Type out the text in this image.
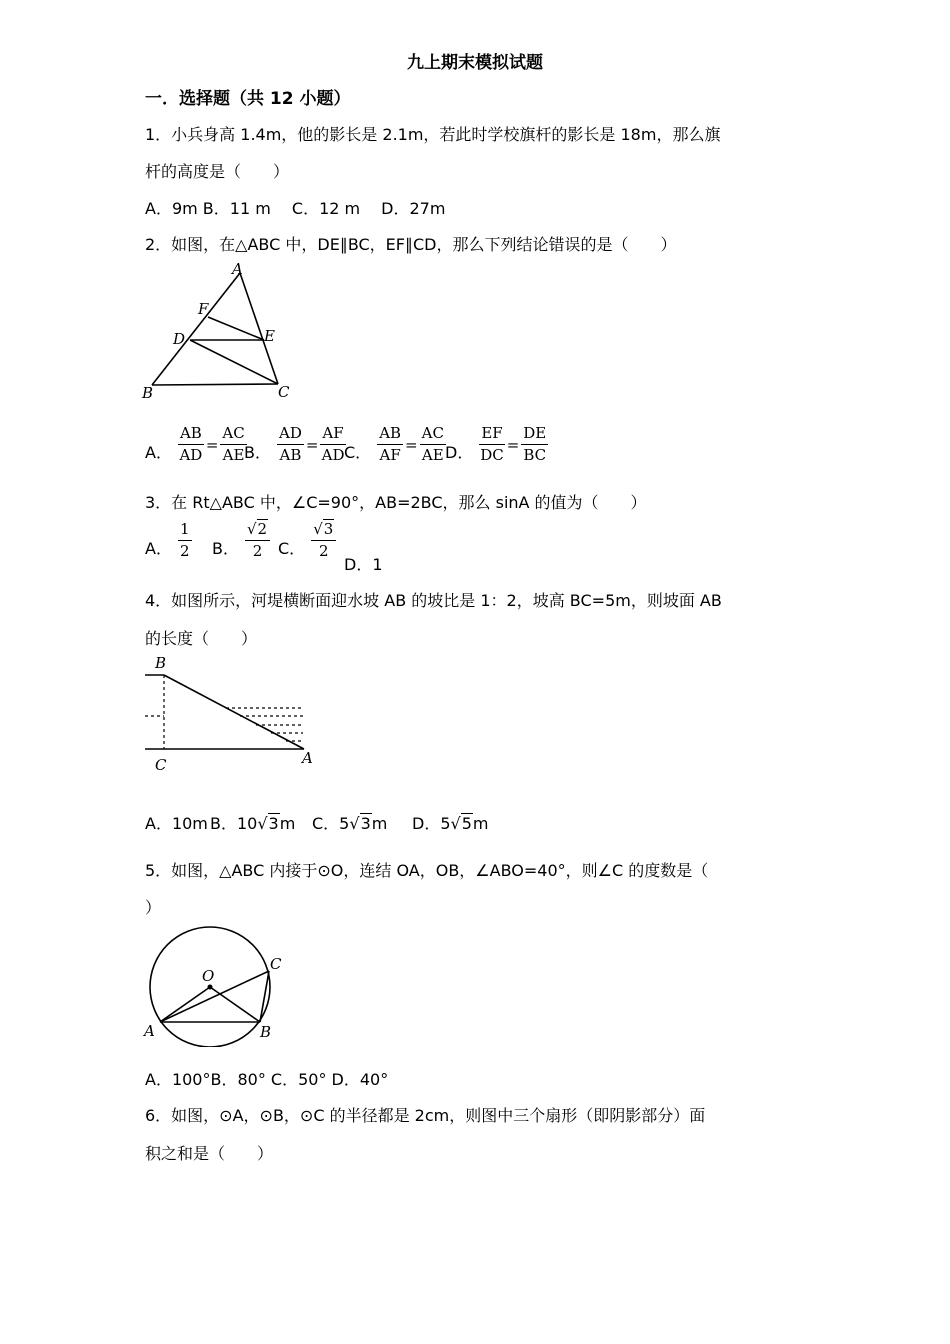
九上期末模拟试题
一．选择题（共 12 小题）
1．小兵身高 1.4m，他的影长是 2.1m，若此时学校旗杆的影长是 18m，那么旗
杆的高度是（　　）
A．9m B．11 m　 C．12 m　 D．27m
2．如图，在△ABC 中，DE∥BC，EF∥CD，那么下列结论错误的是（　　）
A
F
D	E
B	C
A． $\frac{AB}{AD} = \frac{AC}{AE}$
B． $\frac{AD}{AB} = \frac{AF}{AD}$
C． $\frac{AB}{AF} = \frac{AC}{AE}$ D． $\frac{EF}{DC} = \frac{DE}{BC}$
3．在 Rt△ABC 中，∠C=90°，AB=2BC，那么 sinA 的值为（　　）
A． $\frac{1}{2}$ B． $\frac{√2}{2}$ C． $\frac{√3}{2}$
D．1
4．如图所示，河堤横断面迎水坡 AB 的坡比是 1：2，坡高 BC=5m，则坡面 AB
的长度（　　）
B
C	A
A．10m B．10√3m C．5√3m D．5√5m
5．如图，△ABC 内接于⊙O，连结 OA，OB，∠ABO=40°，则∠C 的度数是（
）
O
C
A	B
A．100°B．80° C．50° D．40°
6．如图，⊙A，⊙B，⊙C 的半径都是 2cm，则图中三个扇形（即阴影部分）面
积之和是（　　）
